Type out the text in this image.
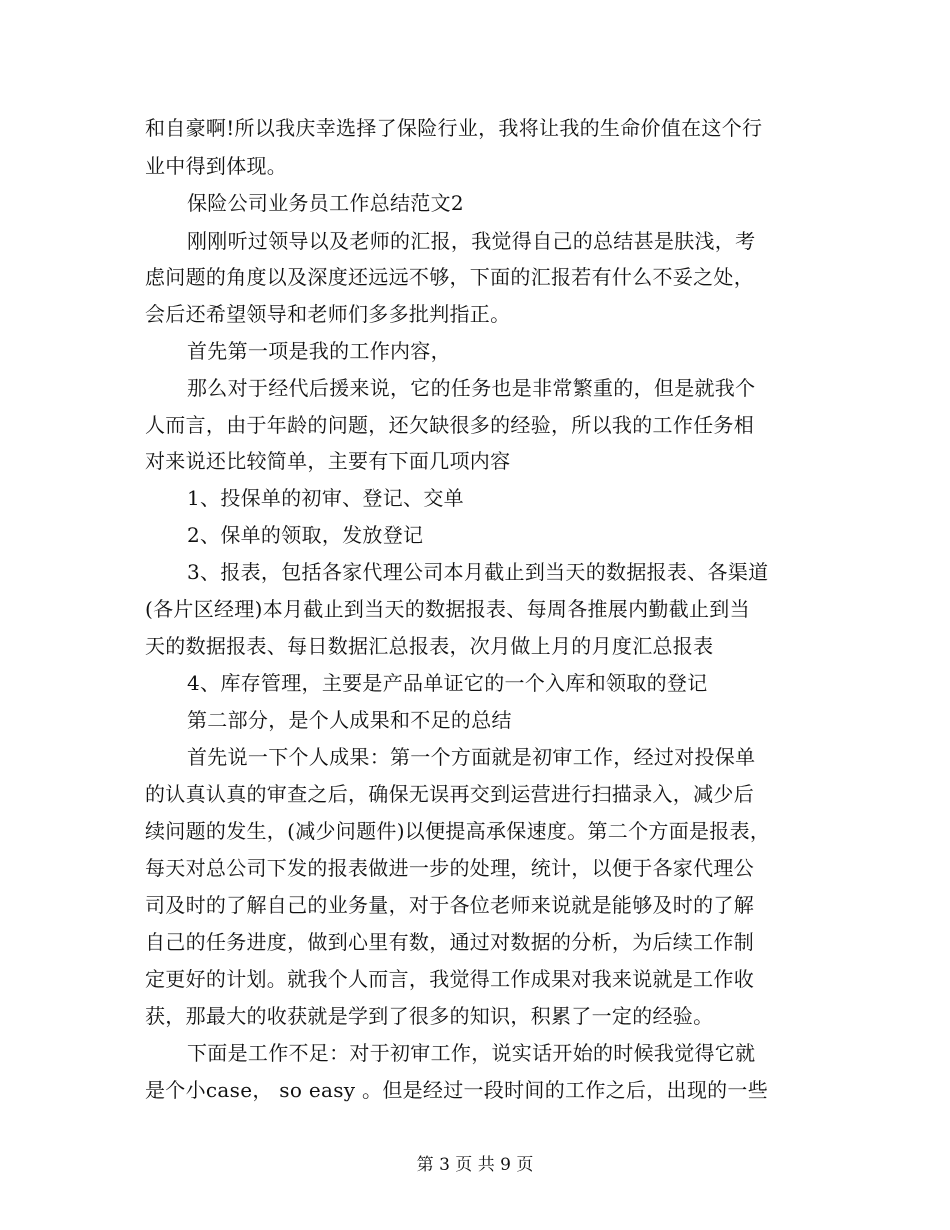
和自豪啊!所以我庆幸选择了保险行业，我将让我的生命价值在这个行
业中得到体现。
保险公司业务员工作总结范文2
刚刚听过领导以及老师的汇报，我觉得自己的总结甚是肤浅，考
虑问题的角度以及深度还远远不够，下面的汇报若有什么不妥之处，
会后还希望领导和老师们多多批判指正。
首先第一项是我的工作内容，
那么对于经代后援来说，它的任务也是非常繁重的，但是就我个
人而言，由于年龄的问题，还欠缺很多的经验，所以我的工作任务相
对来说还比较简单，主要有下面几项内容
1、投保单的初审、登记、交单
2、保单的领取，发放登记
3、报表，包括各家代理公司本月截止到当天的数据报表、各渠道
(各片区经理)本月截止到当天的数据报表、每周各推展内勤截止到当
天的数据报表、每日数据汇总报表，次月做上月的月度汇总报表
4、库存管理，主要是产品单证它的一个入库和领取的登记
第二部分，是个人成果和不足的总结
首先说一下个人成果：第一个方面就是初审工作，经过对投保单
的认真认真的审查之后，确保无误再交到运营进行扫描录入，减少后
续问题的发生，(减少问题件)以便提高承保速度。第二个方面是报表，
每天对总公司下发的报表做进一步的处理，统计，以便于各家代理公
司及时的了解自己的业务量，对于各位老师来说就是能够及时的了解
自己的任务进度，做到心里有数，通过对数据的分析，为后续工作制
定更好的计划。就我个人而言，我觉得工作成果对我来说就是工作收
获，那最大的收获就是学到了很多的知识，积累了一定的经验。
下面是工作不足：对于初审工作，说实话开始的时候我觉得它就
是个小case， so easy 。但是经过一段时间的工作之后，出现的一些
第 3 页 共 9 页
